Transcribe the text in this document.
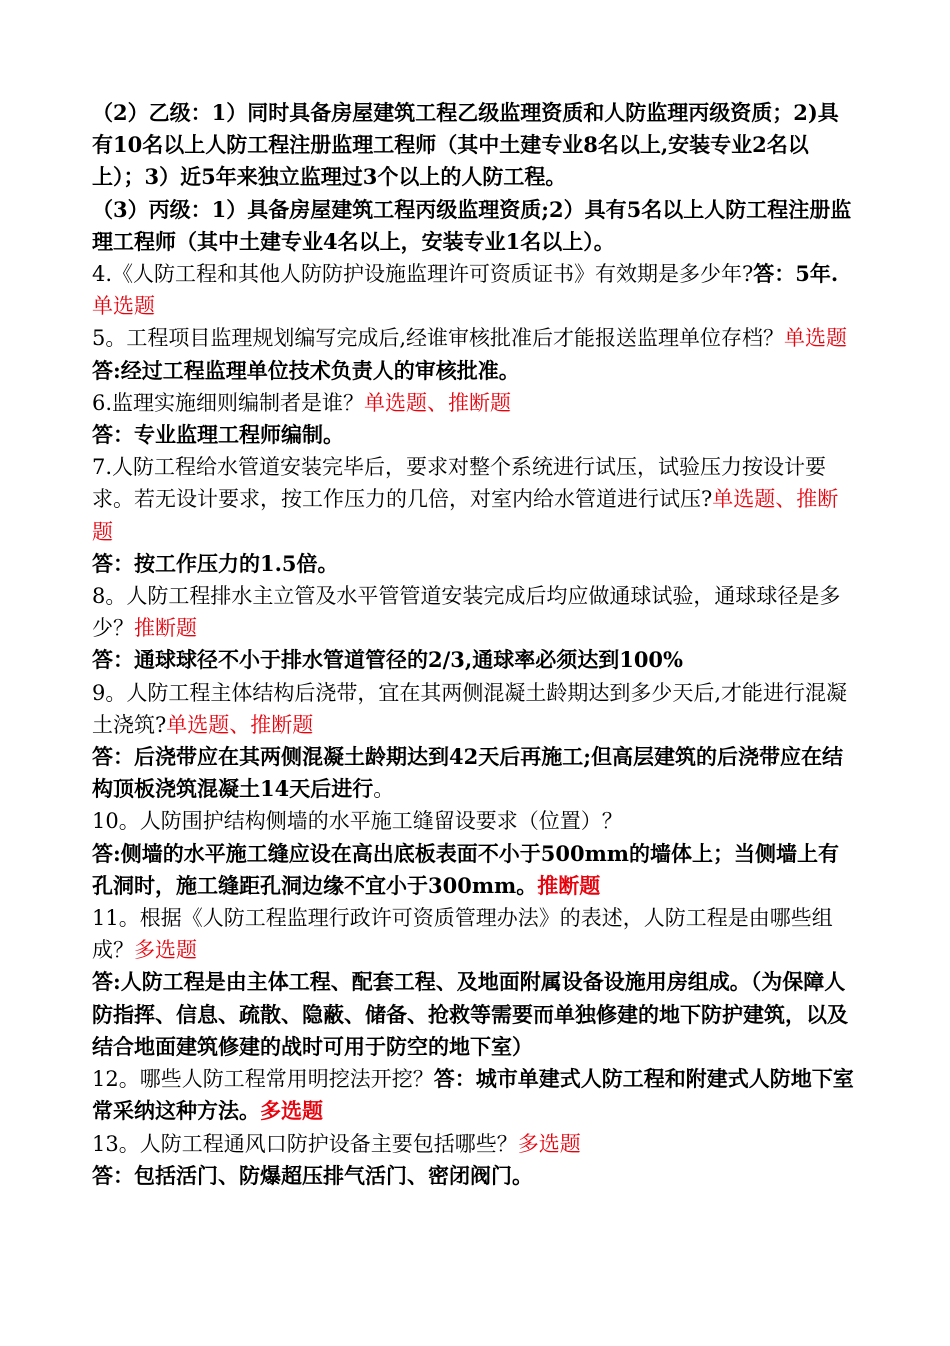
（2）乙级：1）同时具备房屋建筑工程乙级监理资质和人防监理丙级资质；2)具有10名以上人防工程注册监理工程师（其中土建专业8名以上,安装专业2名以上）；3）近5年来独立监理过3个以上的人防工程。

（3）丙级：1）具备房屋建筑工程丙级监理资质;2）具有5名以上人防工程注册监理工程师（其中土建专业4名以上，安装专业1名以上）。

4.《人防工程和其他人防防护设施监理许可资质证书》有效期是多少年?答：5年.单选题

5。工程项目监理规划编写完成后,经谁审核批准后才能报送监理单位存档？单选题

答:经过工程监理单位技术负责人的审核批准。

6.监理实施细则编制者是谁？单选题、推断题

答：专业监理工程师编制。

7.人防工程给水管道安装完毕后，要求对整个系统进行试压，试验压力按设计要求。若无设计要求，按工作压力的几倍，对室内给水管道进行试压?单选题、推断题

答：按工作压力的1.5倍。

8。人防工程排水主立管及水平管管道安装完成后均应做通球试验，通球球径是多少？推断题

答：通球球径不小于排水管道管径的2/3,通球率必须达到100%

9。人防工程主体结构后浇带，宜在其两侧混凝土龄期达到多少天后,才能进行混凝土浇筑?单选题、推断题

答：后浇带应在其两侧混凝土龄期达到42天后再施工;但高层建筑的后浇带应在结构顶板浇筑混凝土14天后进行。

10。人防围护结构侧墙的水平施工缝留设要求（位置）？

答:侧墙的水平施工缝应设在高出底板表面不小于500mm的墙体上；当侧墙上有孔洞时，施工缝距孔洞边缘不宜小于300mm。推断题

11。根据《人防工程监理行政许可资质管理办法》的表述，人防工程是由哪些组成？多选题

答:人防工程是由主体工程、配套工程、及地面附属设备设施用房组成。（为保障人防指挥、信息、疏散、隐蔽、储备、抢救等需要而单独修建的地下防护建筑，以及结合地面建筑修建的战时可用于防空的地下室）

12。哪些人防工程常用明挖法开挖？答：城市单建式人防工程和附建式人防地下室常采纳这种方法。多选题

13。人防工程通风口防护设备主要包括哪些？多选题

答：包括活门、防爆超压排气活门、密闭阀门。
